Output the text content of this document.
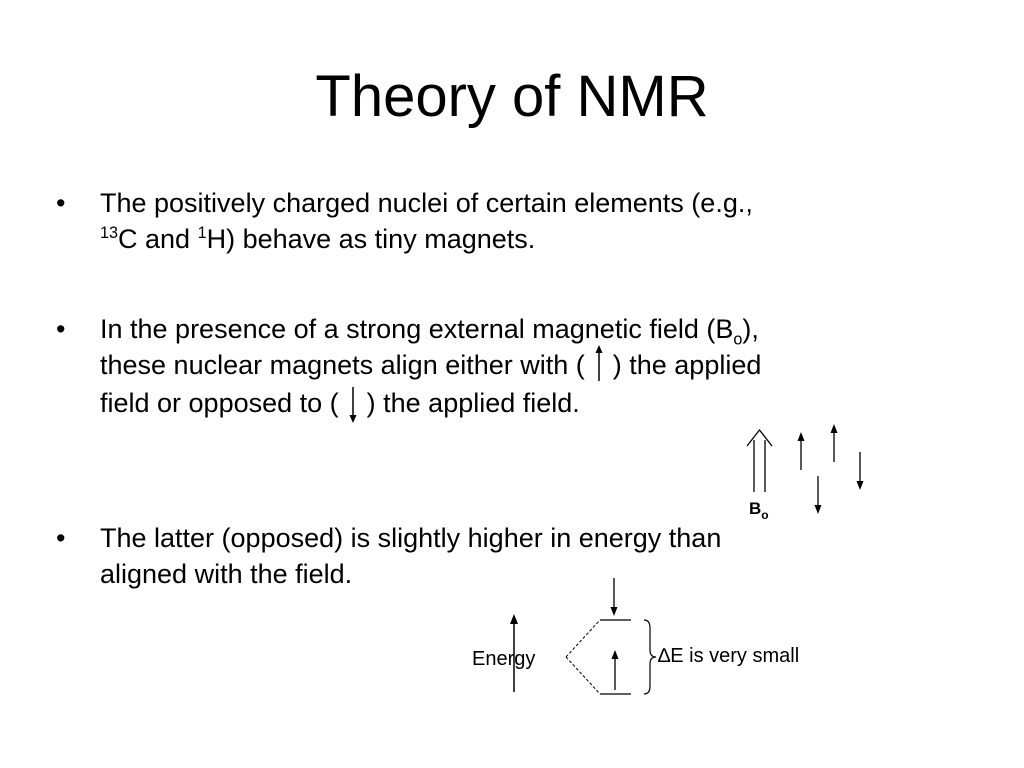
Theory of NMR
•	The positively charged nuclei of certain elements (e.g.,
$^{13}$C and $^1$H) behave as tiny magnets.
•	In the presence of a strong external magnetic field $(B_o)$,
these nuclear magnets align either with ( ) the applied
field or opposed to ( ) the applied field.
•	The latter (opposed) is slightly higher in energy than
aligned with the field.
$B_o$
Energy	∆E is very small
